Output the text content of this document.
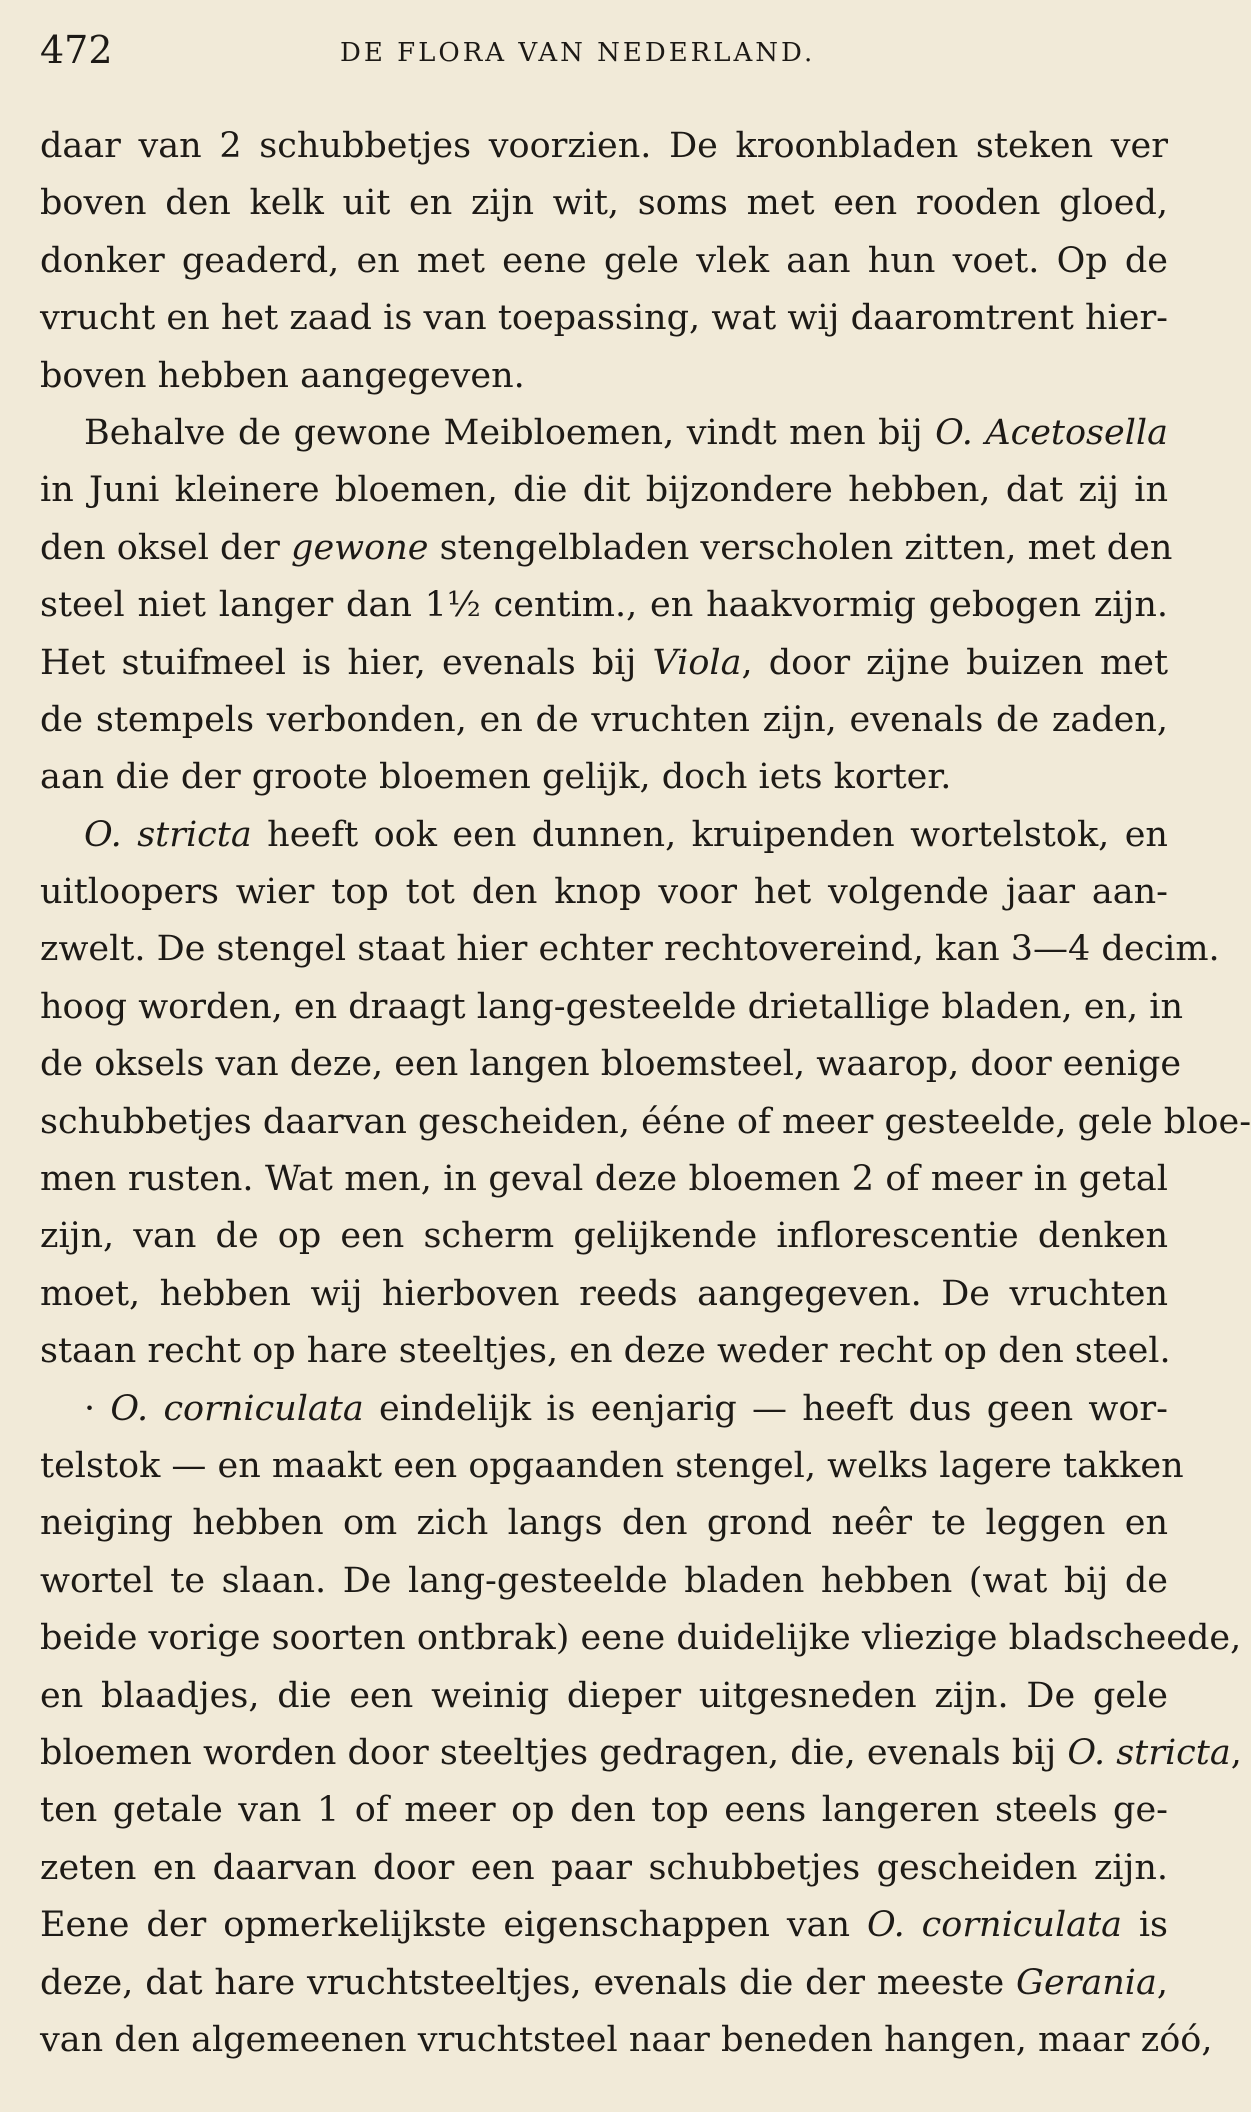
472	DE FLORA VAN NEDERLAND.
daar van 2 schubbetjes voorzien. De kroonbladen steken ver
boven den kelk uit en zijn wit, soms met een rooden gloed,
donker geaderd, en met eene gele vlek aan hun voet. Op de
vrucht en het zaad is van toepassing, wat wij daaromtrent hier-
boven hebben aangegeven.
Behalve de gewone Meibloemen, vindt men bij O. Acetosella
in Juni kleinere bloemen, die dit bijzondere hebben, dat zij in
den oksel der gewone stengelbladen verscholen zitten, met den
steel niet langer dan 1½ centim., en haakvormig gebogen zijn.
Het stuifmeel is hier, evenals bij Viola, door zijne buizen met
de stempels verbonden, en de vruchten zijn, evenals de zaden,
aan die der groote bloemen gelijk, doch iets korter.
O. stricta heeft ook een dunnen, kruipenden wortelstok, en
uitloopers wier top tot den knop voor het volgende jaar aan-
zwelt. De stengel staat hier echter rechtovereind, kan 3—4 decim.
hoog worden, en draagt lang-gesteelde drietallige bladen, en, in
de oksels van deze, een langen bloemsteel, waarop, door eenige
schubbetjes daarvan gescheiden, ééne of meer gesteelde, gele bloe-
men rusten. Wat men, in geval deze bloemen 2 of meer in getal
zijn, van de op een scherm gelijkende inflorescentie denken
moet, hebben wij hierboven reeds aangegeven. De vruchten
staan recht op hare steeltjes, en deze weder recht op den steel.
· O. corniculata eindelijk is eenjarig — heeft dus geen wor-
telstok — en maakt een opgaanden stengel, welks lagere takken
neiging hebben om zich langs den grond neêr te leggen en
wortel te slaan. De lang-gesteelde bladen hebben (wat bij de
beide vorige soorten ontbrak) eene duidelijke vliezige bladscheede,
en blaadjes, die een weinig dieper uitgesneden zijn. De gele
bloemen worden door steeltjes gedragen, die, evenals bij O. stricta,
ten getale van 1 of meer op den top eens langeren steels ge-
zeten en daarvan door een paar schubbetjes gescheiden zijn.
Eene der opmerkelijkste eigenschappen van O. corniculata is
deze, dat hare vruchtsteeltjes, evenals die der meeste Gerania,
van den algemeenen vruchtsteel naar beneden hangen, maar zóó,
